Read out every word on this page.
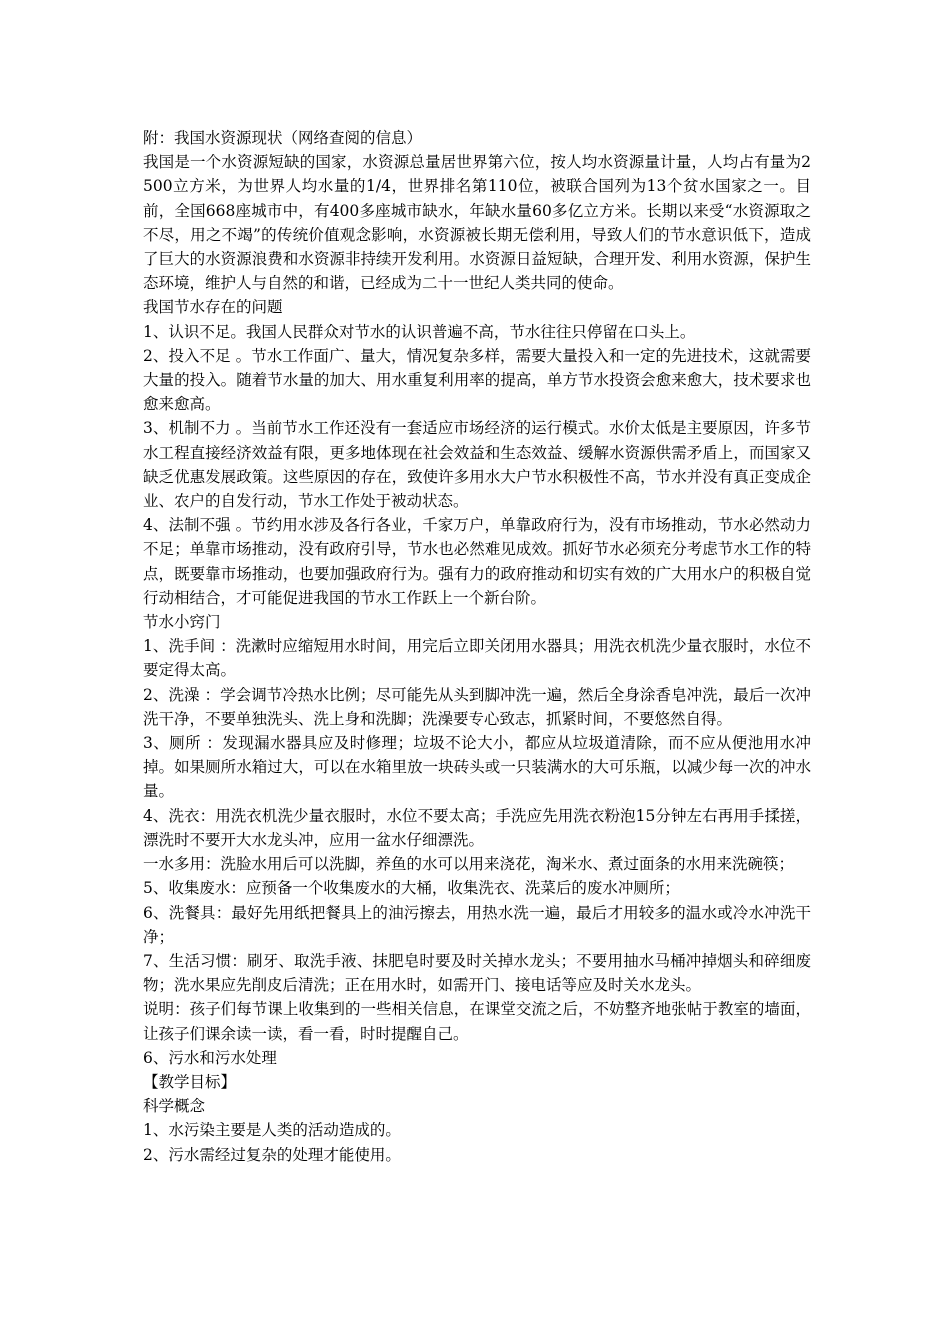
附：我国水资源现状（网络查阅的信息）

我国是一个水资源短缺的国家，水资源总量居世界第六位，按人均水资源量计量，人均占有量为2500立方米，为世界人均水量的1/4，世界排名第110位，被联合国列为13个贫水国家之一。目前，全国668座城市中，有400多座城市缺水，年缺水量60多亿立方米。长期以来受“水资源取之不尽，用之不竭”的传统价值观念影响，水资源被长期无偿利用，导致人们的节水意识低下，造成了巨大的水资源浪费和水资源非持续开发利用。水资源日益短缺，合理开发、利用水资源，保护生态环境，维护人与自然的和谐，已经成为二十一世纪人类共同的使命。

我国节水存在的问题

1、认识不足。我国人民群众对节水的认识普遍不高，节水往往只停留在口头上。

2、投入不足 。节水工作面广、量大，情况复杂多样，需要大量投入和一定的先进技术，这就需要大量的投入。随着节水量的加大、用水重复利用率的提高，单方节水投资会愈来愈大，技术要求也愈来愈高。

3、机制不力 。当前节水工作还没有一套适应市场经济的运行模式。水价太低是主要原因，许多节水工程直接经济效益有限，更多地体现在社会效益和生态效益、缓解水资源供需矛盾上，而国家又缺乏优惠发展政策。这些原因的存在，致使许多用水大户节水积极性不高，节水并没有真正变成企业、农户的自发行动，节水工作处于被动状态。

4、法制不强 。节约用水涉及各行各业，千家万户，单靠政府行为，没有市场推动，节水必然动力不足；单靠市场推动，没有政府引导，节水也必然难见成效。抓好节水必须充分考虑节水工作的特点，既要靠市场推动，也要加强政府行为。强有力的政府推动和切实有效的广大用水户的积极自觉行动相结合，才可能促进我国的节水工作跃上一个新台阶。

节水小窍门

1、洗手间 ：洗漱时应缩短用水时间，用完后立即关闭用水器具；用洗衣机洗少量衣服时，水位不要定得太高。

2、洗澡 ：学会调节冷热水比例；尽可能先从头到脚冲洗一遍，然后全身涂香皂冲洗，最后一次冲洗干净，不要单独洗头、洗上身和洗脚；洗澡要专心致志，抓紧时间，不要悠然自得。

3、厕所 ：发现漏水器具应及时修理；垃圾不论大小，都应从垃圾道清除，而不应从便池用水冲掉。如果厕所水箱过大，可以在水箱里放一块砖头或一只装满水的大可乐瓶，以减少每一次的冲水量。

4、洗衣：用洗衣机洗少量衣服时，水位不要太高；手洗应先用洗衣粉泡15分钟左右再用手揉搓，漂洗时不要开大水龙头冲，应用一盆水仔细漂洗。

一水多用：洗脸水用后可以洗脚，养鱼的水可以用来浇花，淘米水、煮过面条的水用来洗碗筷；

5、收集废水：应预备一个收集废水的大桶，收集洗衣、洗菜后的废水冲厕所；

6、洗餐具：最好先用纸把餐具上的油污擦去，用热水洗一遍，最后才用较多的温水或冷水冲洗干净；

7、生活习惯：刷牙、取洗手液、抹肥皂时要及时关掉水龙头；不要用抽水马桶冲掉烟头和碎细废物；洗水果应先削皮后清洗；正在用水时，如需开门、接电话等应及时关水龙头。

说明：孩子们每节课上收集到的一些相关信息，在课堂交流之后，不妨整齐地张帖于教室的墙面，让孩子们课余读一读，看一看，时时提醒自己。

6、污水和污水处理

【教学目标】

科学概念

1、水污染主要是人类的活动造成的。

2、污水需经过复杂的处理才能使用。
